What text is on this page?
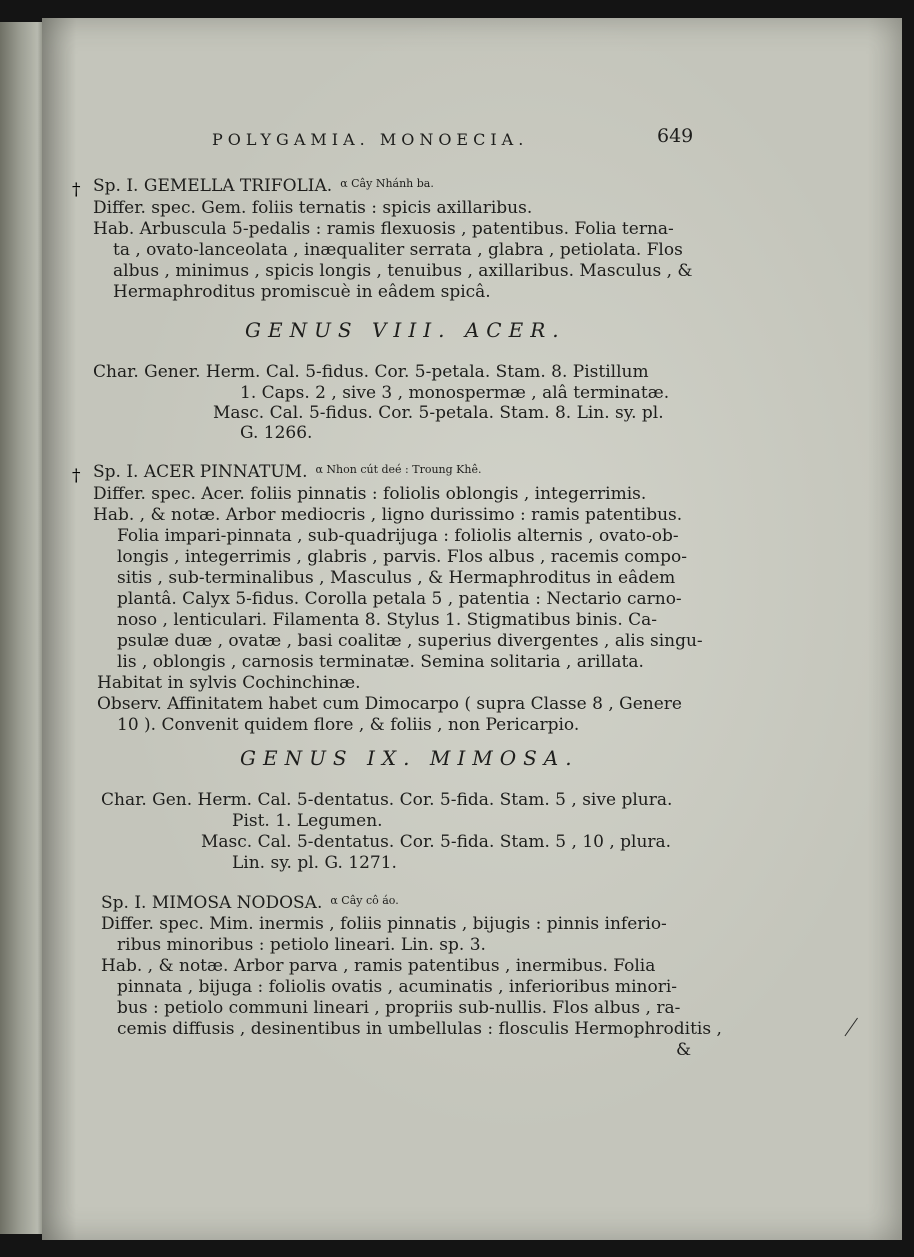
POLYGAMIA. MONOECIA.	649
†
†
Sp. I. GEMELLA TRIFOLIA. $^{\alpha Cây Nhánh ba.}$
Differ. spec. Gem. foliis ternatis : spicis axillaribus.
Hab. Arbuscula 5-pedalis : ramis flexuosis , patentibus. Folia terna-
ta , ovato-lanceolata , inæqualiter serrata , glabra , petiolata. Flos
albus , minimus , spicis longis , tenuibus , axillaribus. Masculus , &
Hermaphroditus promiscuè in eâdem spicâ.
GENUS VIII. ACER.
Char. Gener. Herm. Cal. 5-fidus. Cor. 5-petala. Stam. 8. Pistillum
1. Caps. 2 , sive 3 , monospermæ , alâ terminatæ.
Masc. Cal. 5-fidus. Cor. 5-petala. Stam. 8. Lin. sy. pl.
G. 1266.
Sp. I. ACER PINNATUM. $^{\alpha Nhon cút deé : Troung Khê.}$
Differ. spec. Acer. foliis pinnatis : foliolis oblongis , integerrimis.
Hab. , & notæ. Arbor mediocris , ligno durissimo : ramis patentibus.
Folia impari-pinnata , sub-quadrijuga : foliolis alternis , ovato-ob-
longis , integerrimis , glabris , parvis. Flos albus , racemis compo-
sitis , sub-terminalibus , Masculus , & Hermaphroditus in eâdem
plantâ. Calyx 5-fidus. Corolla petala 5 , patentia : Nectario carno-
noso , lenticulari. Filamenta 8. Stylus 1. Stigmatibus binis. Ca-
psulæ duæ , ovatæ , basi coalitæ , superius divergentes , alis singu-
lis , oblongis , carnosis terminatæ. Semina solitaria , arillata.
Habitat in sylvis Cochinchinæ.
Observ. Affinitatem habet cum Dimocarpo ( supra Classe 8 , Genere
10 ). Convenit quidem flore , & foliis , non Pericarpio.
GENUS IX. MIMOSA.
Char. Gen. Herm. Cal. 5-dentatus. Cor. 5-fida. Stam. 5 , sive plura.
Pist. 1. Legumen.
Masc. Cal. 5-dentatus. Cor. 5-fida. Stam. 5 , 10 , plura.
Lin. sy. pl. G. 1271.
Sp. I. MIMOSA NODOSA. $^{\alpha Cây cô áo.}$
Differ. spec. Mim. inermis , foliis pinnatis , bijugis : pinnis inferio-
ribus minoribus : petiolo lineari. Lin. sp. 3.
Hab. , & notæ. Arbor parva , ramis patentibus , inermibus. Folia
pinnata , bijuga : foliolis ovatis , acuminatis , inferioribus minori-
bus : petiolo communi lineari , propriis sub-nullis. Flos albus , ra-
cemis diffusis , desinentibus in umbellulas : flosculis Hermophroditis ,
&
